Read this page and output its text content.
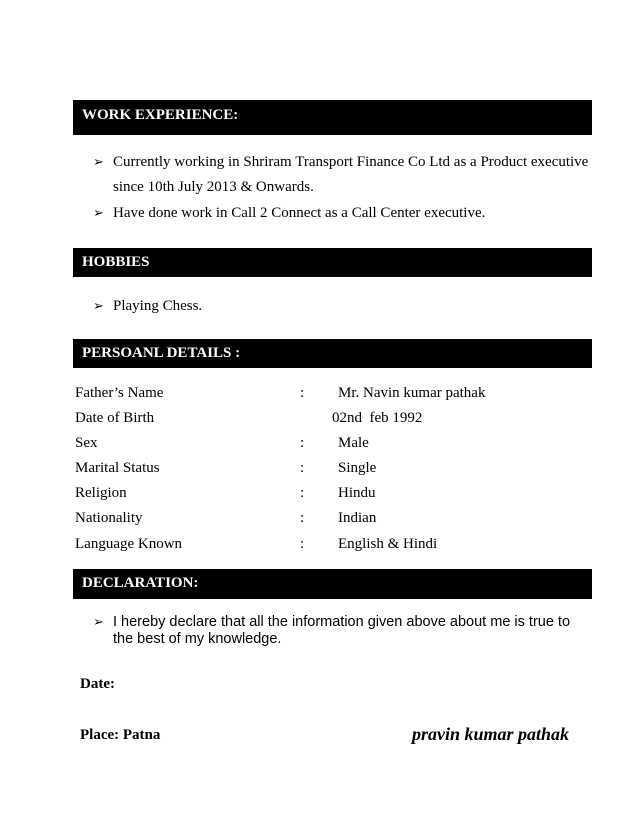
WORK EXPERIENCE:
➢ Currently working in Shriram Transport Finance Co Ltd as a Product executive
since 10th July 2013 & Onwards.
➢ Have done work in Call 2 Connect as a Call Center executive.
HOBBIES
➢ Playing Chess.
PERSOANL DETAILS :
Father’s Name	: Mr. Navin kumar pathak
Date of Birth	02nd  feb 1992
Sex	: Male
Marital Status	: Single
Religion	: Hindu
Nationality	: Indian
Language Known	: English & Hindi
DECLARATION:
➢ I hereby declare that all the information given above about me is true to
the best of my knowledge.
Date:
Place: Patna	pravin kumar pathak
